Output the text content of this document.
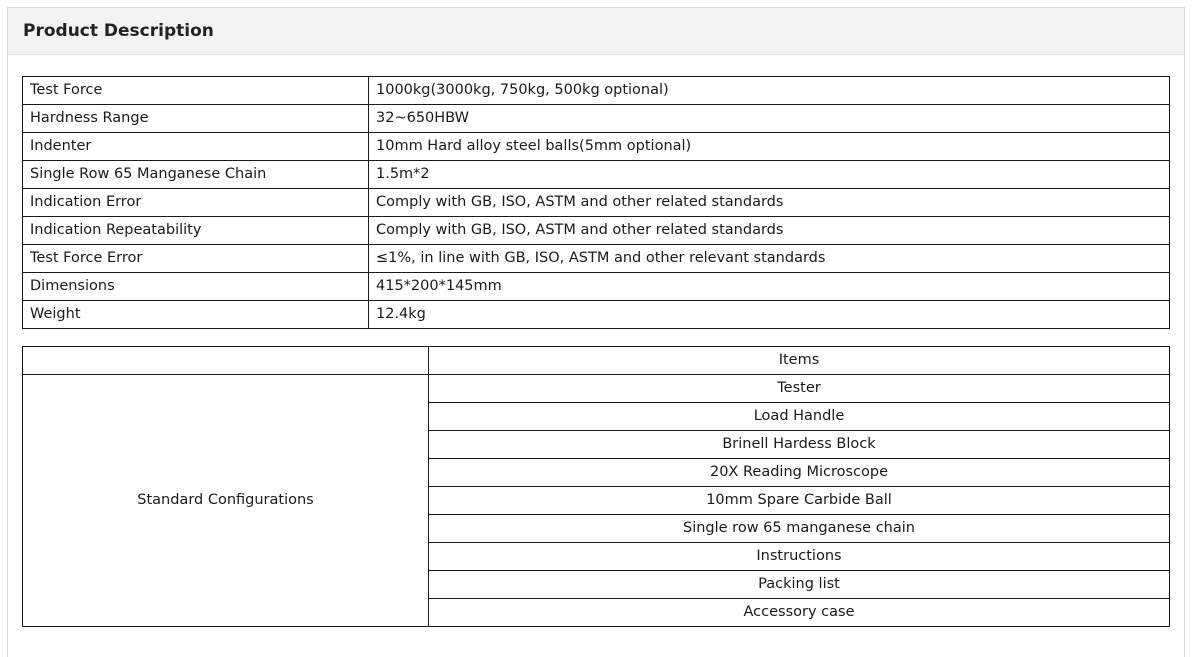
Product Description
Test Force	1000kg(3000kg, 750kg, 500kg optional)
Hardness Range	32~650HBW
Indenter	10mm Hard alloy steel balls(5mm optional)
Single Row 65 Manganese Chain	1.5m*2
Indication Error	Comply with GB, ISO, ASTM and other related standards
Indication Repeatability	Comply with GB, ISO, ASTM and other related standards
Test Force Error	≤1%, in line with GB, ISO, ASTM and other relevant standards
Dimensions	415*200*145mm
Weight	12.4kg
	Items
Standard Configurations	Tester
	Load Handle
	Brinell Hardess Block
	20X Reading Microscope
	10mm Spare Carbide Ball
	Single row 65 manganese chain
	Instructions
	Packing list
	Accessory case
